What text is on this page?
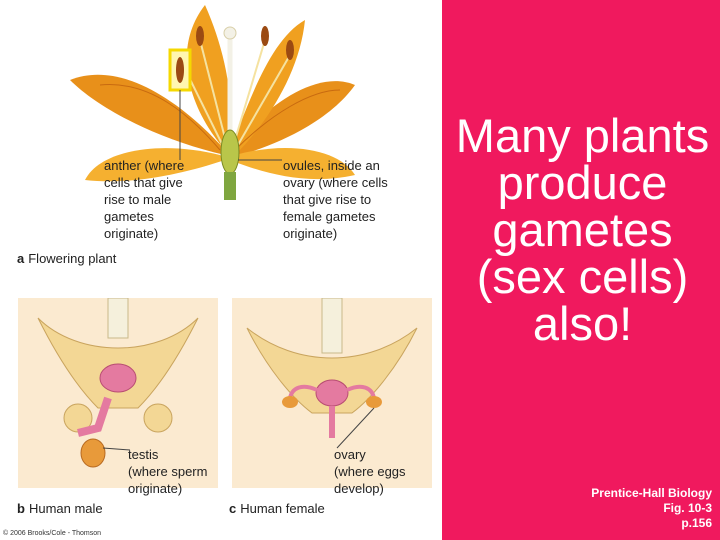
anther (where
cells that give
rise to male
gametes
originate)
ovules, inside an
ovary (where cells
that give rise to
female gametes
originate)
a Flowering plant
testis
(where sperm
originate)
ovary
(where eggs
develop)
b Human male	c Human female
© 2006 Brooks/Cole - Thomson
Many plants produce gametes (sex cells) also!
Prentice-Hall Biology
Fig. 10-3
p.156
